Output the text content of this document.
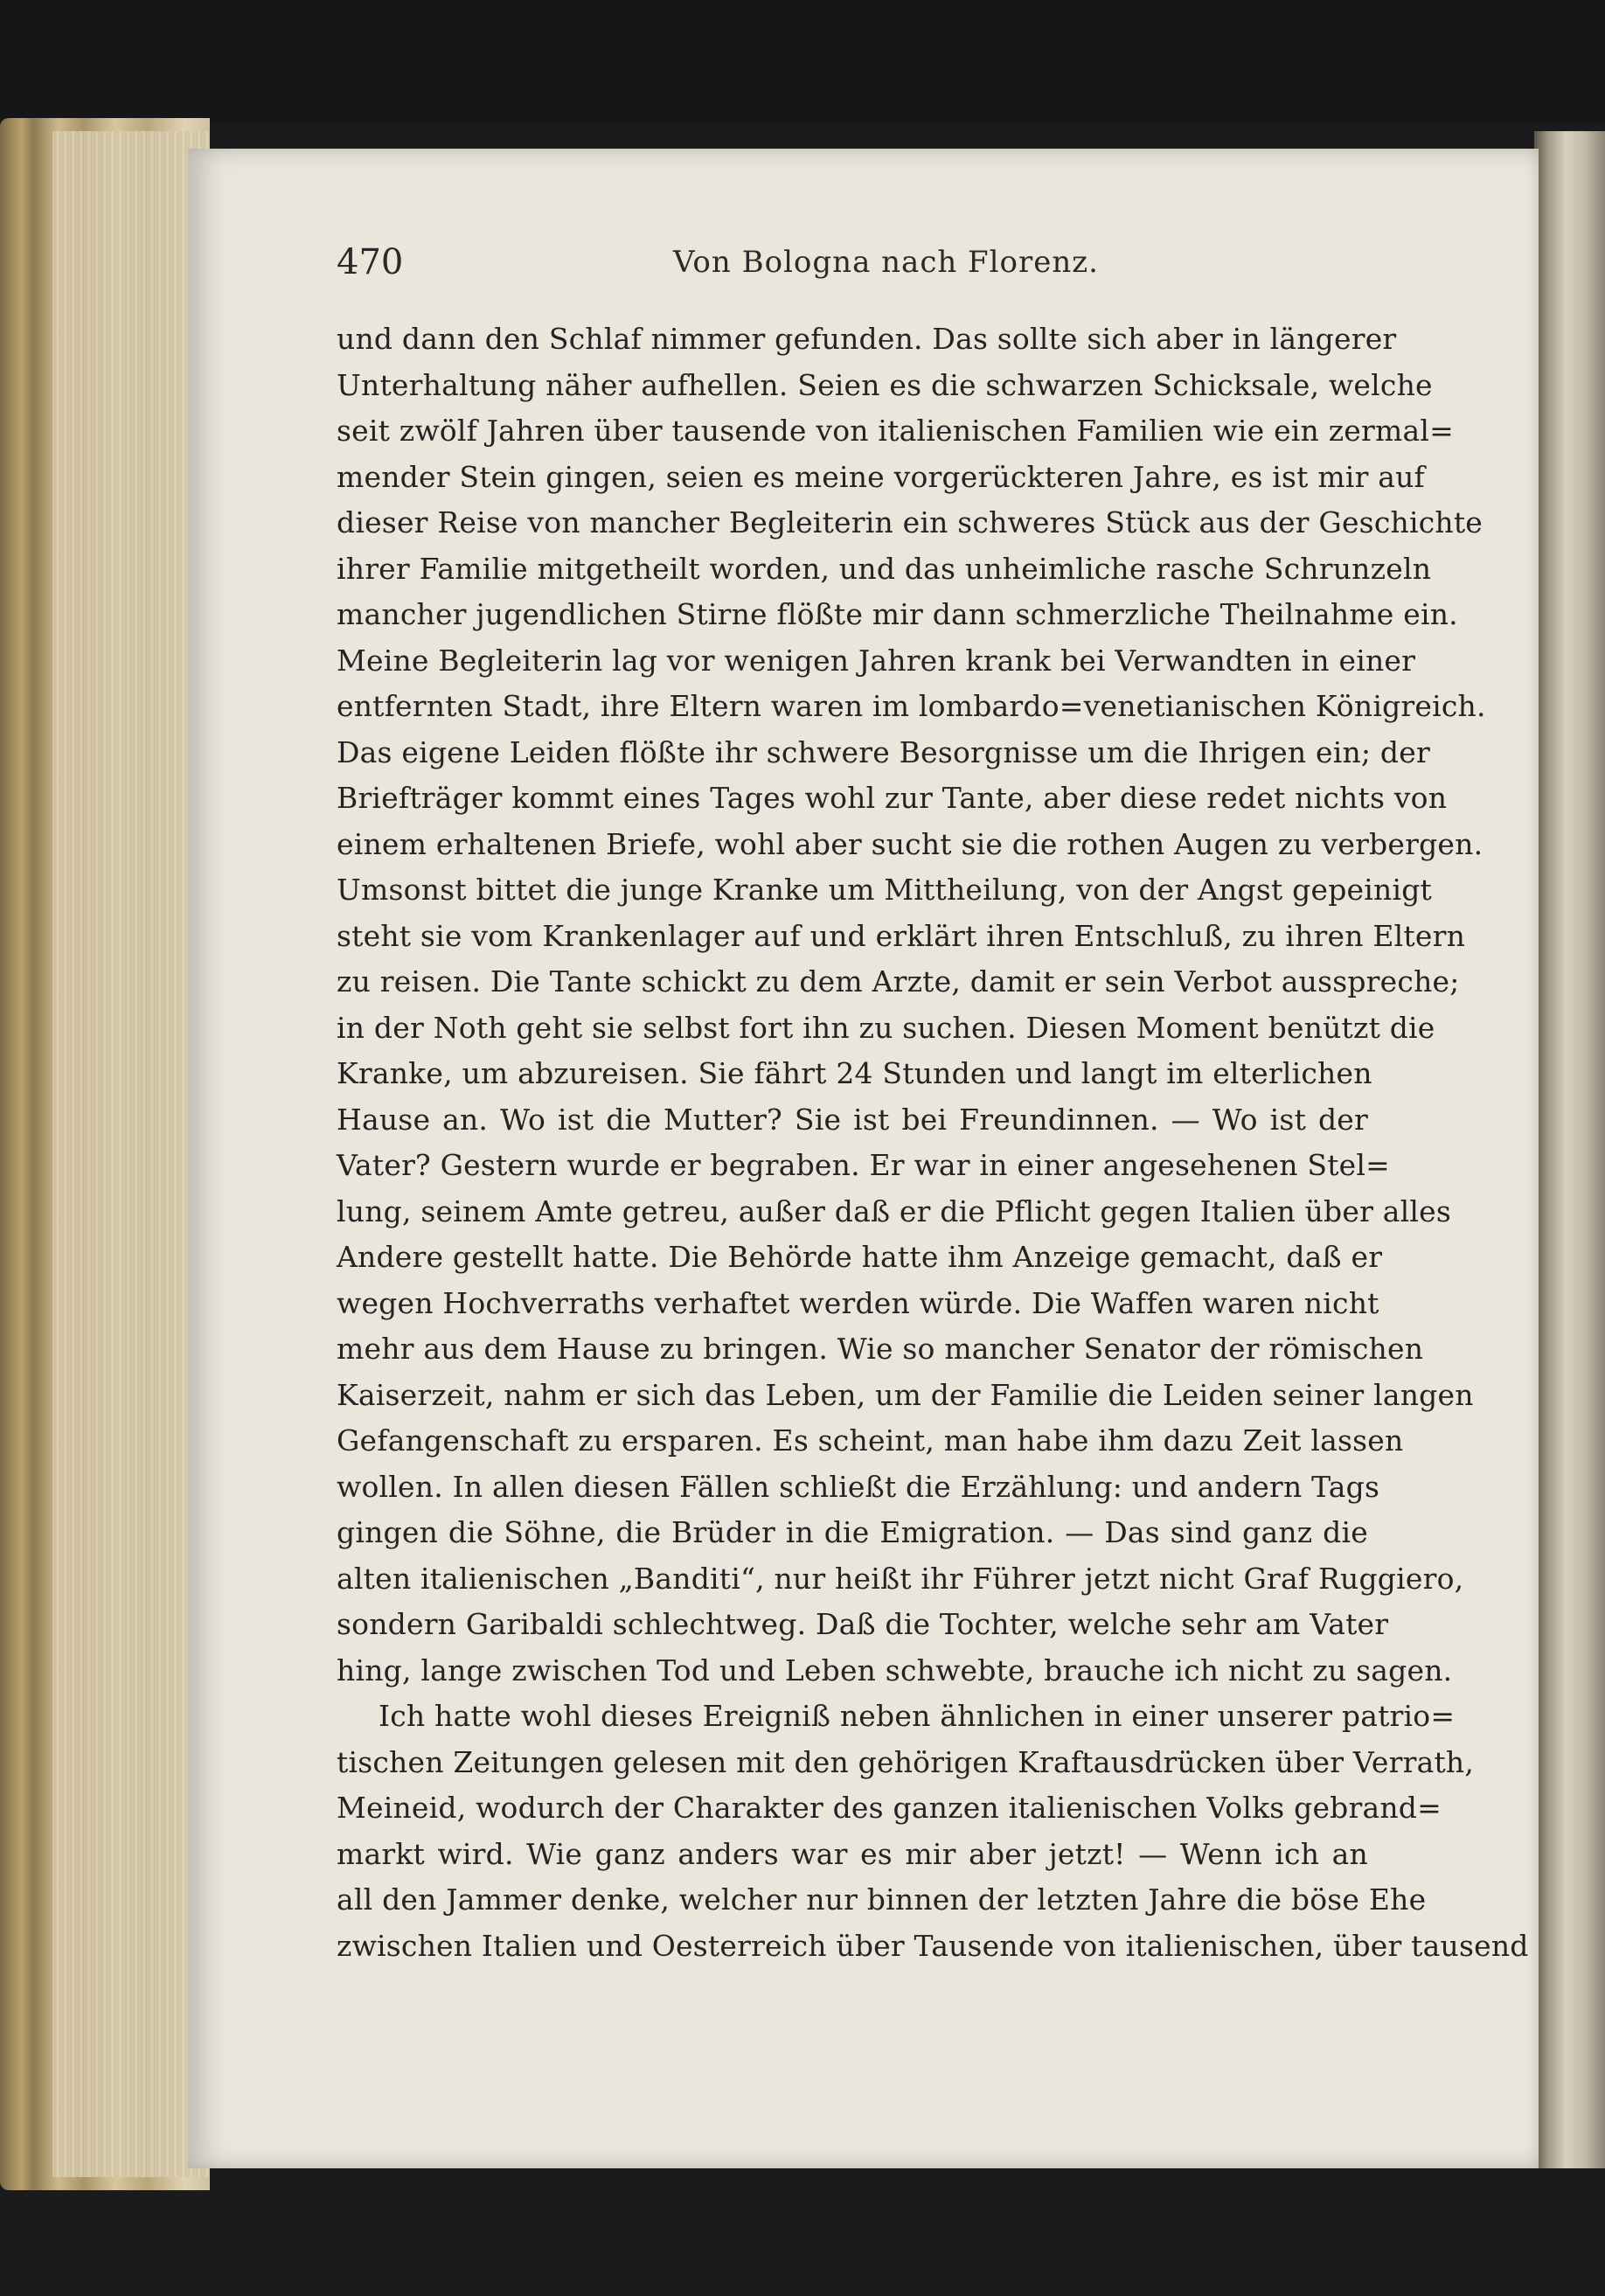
470	Von Bologna nach Florenz.
und dann den Schlaf nimmer gefunden. Das sollte sich aber in längerer
Unterhaltung näher aufhellen. Seien es die schwarzen Schicksale, welche
seit zwölf Jahren über tausende von italienischen Familien wie ein zermal=
mender Stein gingen, seien es meine vorgerückteren Jahre, es ist mir auf
dieser Reise von mancher Begleiterin ein schweres Stück aus der Geschichte
ihrer Familie mitgetheilt worden, und das unheimliche rasche Schrunzeln
mancher jugendlichen Stirne flößte mir dann schmerzliche Theilnahme ein.
Meine Begleiterin lag vor wenigen Jahren krank bei Verwandten in einer
entfernten Stadt, ihre Eltern waren im lombardo=venetianischen Königreich.
Das eigene Leiden flößte ihr schwere Besorgnisse um die Ihrigen ein; der
Briefträger kommt eines Tages wohl zur Tante, aber diese redet nichts von
einem erhaltenen Briefe, wohl aber sucht sie die rothen Augen zu verbergen.
Umsonst bittet die junge Kranke um Mittheilung, von der Angst gepeinigt
steht sie vom Krankenlager auf und erklärt ihren Entschluß, zu ihren Eltern
zu reisen. Die Tante schickt zu dem Arzte, damit er sein Verbot ausspreche;
in der Noth geht sie selbst fort ihn zu suchen. Diesen Moment benützt die
Kranke, um abzureisen. Sie fährt 24 Stunden und langt im elterlichen
Hause an. Wo ist die Mutter? Sie ist bei Freundinnen. — Wo ist der
Vater? Gestern wurde er begraben. Er war in einer angesehenen Stel=
lung, seinem Amte getreu, außer daß er die Pflicht gegen Italien über alles
Andere gestellt hatte. Die Behörde hatte ihm Anzeige gemacht, daß er
wegen Hochverraths verhaftet werden würde. Die Waffen waren nicht
mehr aus dem Hause zu bringen. Wie so mancher Senator der römischen
Kaiserzeit, nahm er sich das Leben, um der Familie die Leiden seiner langen
Gefangenschaft zu ersparen. Es scheint, man habe ihm dazu Zeit lassen
wollen. In allen diesen Fällen schließt die Erzählung: und andern Tags
gingen die Söhne, die Brüder in die Emigration. — Das sind ganz die
alten italienischen „Banditi“, nur heißt ihr Führer jetzt nicht Graf Ruggiero,
sondern Garibaldi schlechtweg. Daß die Tochter, welche sehr am Vater
hing, lange zwischen Tod und Leben schwebte, brauche ich nicht zu sagen.
Ich hatte wohl dieses Ereigniß neben ähnlichen in einer unserer patrio=
tischen Zeitungen gelesen mit den gehörigen Kraftausdrücken über Verrath,
Meineid, wodurch der Charakter des ganzen italienischen Volks gebrand=
markt wird. Wie ganz anders war es mir aber jetzt! — Wenn ich an
all den Jammer denke, welcher nur binnen der letzten Jahre die böse Ehe
zwischen Italien und Oesterreich über Tausende von italienischen, über tausend
